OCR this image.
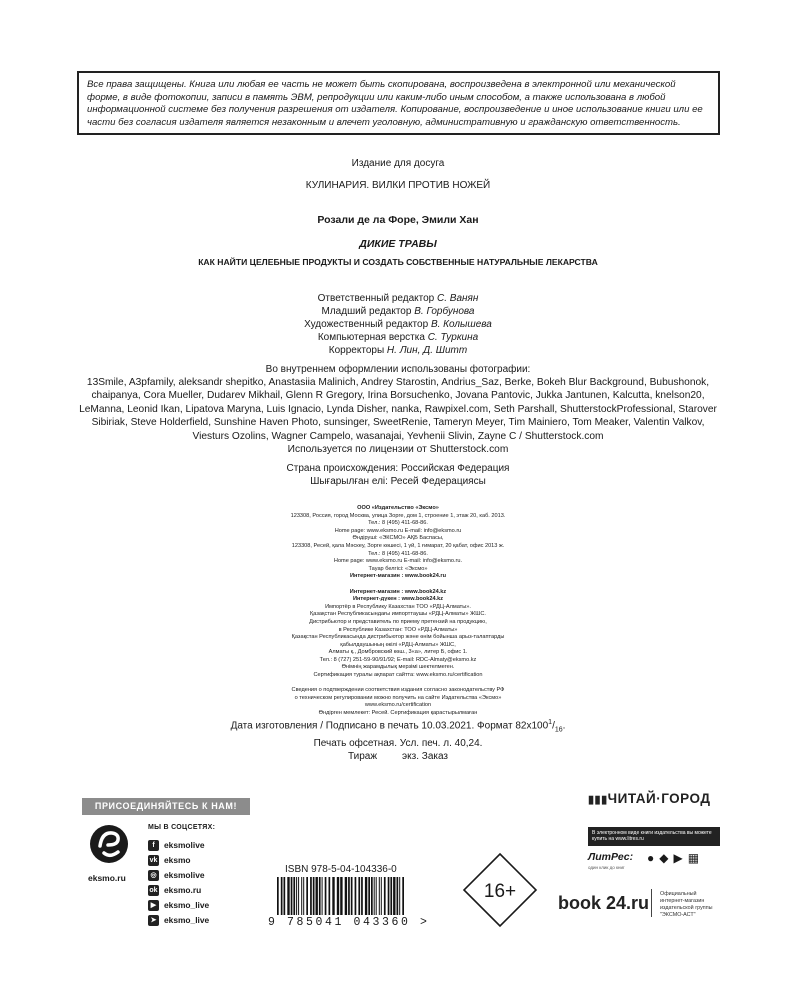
Все права защищены. Книга или любая ее часть не может быть скопирована, воспроизведена в электронной или механической форме, в виде фотокопии, записи в память ЭВМ, репродукции или каким-либо иным способом, а также использована в любой информационной системе без получения разрешения от издателя. Копирование, воспроизведение и иное использование книги или ее части без согласия издателя является незаконным и влечет уголовную, административную и гражданскую ответственность.
Издание для досуга
КУЛИНАРИЯ. ВИЛКИ ПРОТИВ НОЖЕЙ
Розали де ла Форе, Эмили Хан
ДИКИЕ ТРАВЫ
КАК НАЙТИ ЦЕЛЕБНЫЕ ПРОДУКТЫ И СОЗДАТЬ СОБСТВЕННЫЕ НАТУРАЛЬНЫЕ ЛЕКАРСТВА
Ответственный редактор С. Ванян
Младший редактор В. Горбунова
Художественный редактор В. Колышева
Компьютерная верстка С. Туркина
Корректоры Н. Лин, Д. Шитт
Во внутреннем оформлении использованы фотографии:
13Smile, A3pfamily, aleksandr shepitko, Anastasiia Malinich, Andrey Starostin, Andrius_Saz, Berke, Bokeh Blur Background, Bubushonok,
chaipanya, Cora Mueller, Dudarev Mikhail, Glenn R Gregory, Irina Borsuchenko, Jovana Pantovic, Jukka Jantunen, Kalcutta, knelson20,
LeManna, Leonid Ikan, Lipatova Maryna, Luis Ignacio, Lynda Disher, nanka, Rawpixel.com, Seth Parshall, ShutterstockProfessional, Starover
Sibiriak, Steve Holderfield, Sunshine Haven Photo, sunsinger, SweetRenie, Tameryn Meyer, Tim Mainiero, Tom Meaker, Valentin Valkov,
Viesturs Ozolins, Wagner Campelo, wasanajai, Yevhenii Slivin, Zayne C / Shutterstock.com
Используется по лицензии от Shutterstock.com
Страна происхождения: Российская Федерация
Шығарылған елі: Ресей Федерациясы
ООО «Издательство «Эксмо»
123308, Россия, город Москва, улица Зорге, дом 1, строение 1, этаж 20, каб. 2013.
Тел.: 8 (495) 411-68-86.
Home page: www.eksmo.ru E-mail: info@eksmo.ru
Өндіруші: «ЭКСМО» АҚБ Баспасы,
123308, Ресей, қала Мәскеу, Зорге көшесі, 1 үй, 1 ғимарат, 20 қабат, офис 2013 ж.
Тел.: 8 (495) 411-68-86.
Home page: www.eksmo.ru E-mail: info@eksmo.ru.
Тауар белгісі: «Эксмо»
Интернет-магазин : www.book24.ru

Интернет-магазин : www.book24.kz
Интернет-дүкен : www.book24.kz
Импортёр в Республику Казахстан ТОО «РДЦ-Алматы».
Қазақстан Республикасындағы импорттаушы «РДЦ-Алматы» ЖШС.
Дистрибьютор и представитель по приему претензий на продукцию,
в Республике Казахстан: ТОО «РДЦ-Алматы»
Қазақстан Республикасында дистрибьютор және өнім бойынша арыз-талаптарды
қабылдаушының өкілі «РДЦ-Алматы» ЖШС,
Алматы қ., Домбровский көш., 3«а», литер Б, офис 1.
Тел.: 8 (727) 251-59-90/91/92; E-mail: RDC-Almaty@eksmo.kz
Өнімнің жарамдылық мерзімі шектелмеген.
Сертификация туралы ақпарат сайтта: www.eksmo.ru/certification

Сведения о подтверждении соответствия издания согласно законодательству РФ
о техническом регулировании можно получить на сайте Издательства «Эксмо»
www.eksmo.ru/certification
Өндірген мемлекет: Ресей. Сертификация қарастырылмаған
Дата изготовления / Подписано в печать 10.03.2021. Формат $82x100^1/_{16}$.
Печать офсетная. Усл. печ. л. 40,24.
Тираж         экз. Заказ
ПРИСОЕДИНЯЙТЕСЬ К НАМ!
eksmo.ru
МЫ В СОЦСЕТЯХ:
f eksmolive
vk eksmo
◎ eksmolive
ok eksmo.ru
▶ eksmo_live
➤ eksmo_live
ISBN 978-5-04-104336-0
9 785041 043360 >
16+
▮▮▮ЧИТАЙ·ГОРОД
В электронном виде книги издательства вы можете купить на www.litres.ru
ЛитРес:
один клик до книг
●◆▶▦
book 24.ru Официальный
интернет-магазин
издательской группы
"ЭКСМО-АСТ"
